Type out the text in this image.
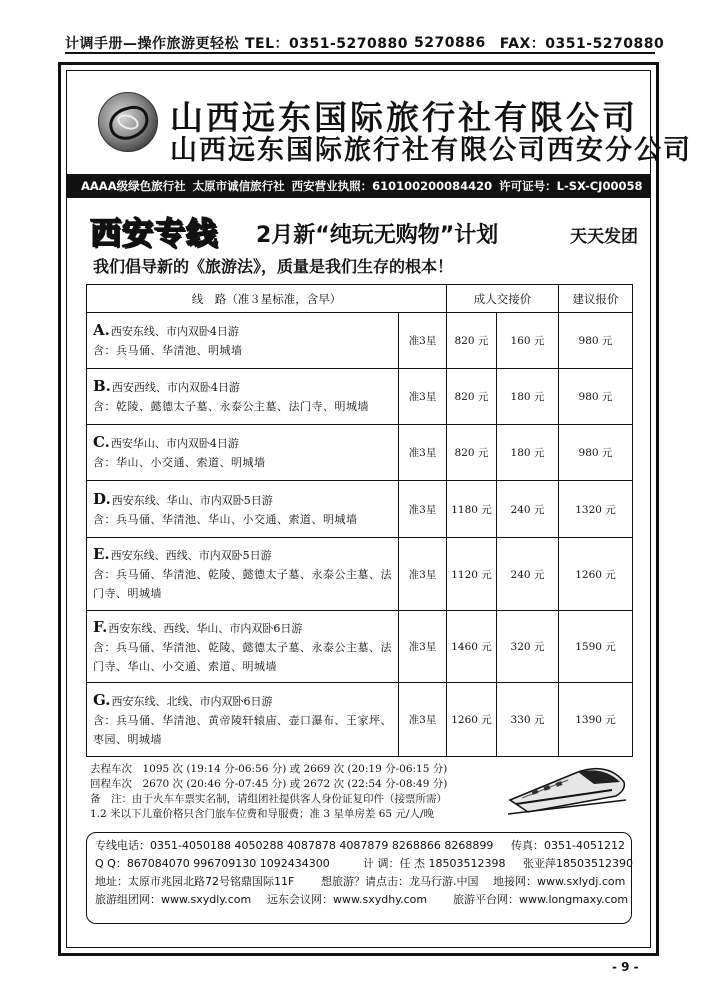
计调手册—操作旅游更轻松 TEL：0351-5270880 5270886 FAX：0351-5270880
山西远东国际旅行社有限公司
山西远东国际旅行社有限公司西安分公司
AAAA级绿色旅行社 太原市诚信旅行社 西安营业执照：610100200084420 许可证号：L-SX-CJ00058
西安专线 2月新“纯玩无购物”计划	天天发团
我们倡导新的《旅游法》，质量是我们生存的根本！
线　路（准３星标准，含早）		成人交接价		建议报价

A.西安东线、市内双卧4日游
含：兵马俑、华清池、明城墙	准3星	820 元	160 元	980 元

B.西安西线、市内双卧4日游
含：乾陵、懿德太子墓、永泰公主墓、法门寺、明城墙	准3星	820 元	180 元	980 元

C.西安华山、市内双卧4日游
含：华山、小交通、索道、明城墙	准3星	820 元	180 元	980 元

D.西安东线、华山、市内双卧5日游
含：兵马俑、华清池、华山、小交通、索道、明城墙	准3星	1180 元	240 元	1320 元

E.西安东线、西线、市内双卧5日游
含：兵马俑、华清池、乾陵、懿德太子墓、永泰公主墓、法门寺、明城墙	准3星	1120 元	240 元	1260 元

F.西安东线、西线、华山、市内双卧6日游
含：兵马俑、华清池、乾陵、懿德太子墓、永泰公主墓、法门寺、华山、小交通、索道、明城墙	准3星	1460 元	320 元	1590 元

G.西安东线、北线、市内双卧6日游
含：兵马俑、华清池、黄帝陵轩辕庙、壶口瀑布、王家坪、枣园、明城墙	准3星	1260 元	330 元	1390 元
去程车次　1095 次 (19:14 分-06:56 分) 或 2669 次 (20:19 分-06:15 分)
回程车次　2670 次 (20:46 分-07:45 分) 或 2672 次 (22:54 分-08:49 分)
备　注：由于火车车票实名制，请组团社提供客人身份证复印件（接票所需）
1.2 米以下儿童价格只含门旅车位费和导服费；准 3 星单房差 65 元/人/晚
专线电话：0351-4050188 4050288 4087878 4087879 8268866 8268899 传真：0351-4051212
Q Q：867084070 996709130 1092434300	计 调：任 杰 18503512398 张亚萍18503512390
地址：太原市兆园北路72号铭鼎国际11F 想旅游？请点击：龙马行游.中国 地接网：www.sxlydj.com
旅游组团网：www.sxydly.com 远东会议网：www.sxydhy.com 旅游平台网：www.longmaxy.com
- 9 -
